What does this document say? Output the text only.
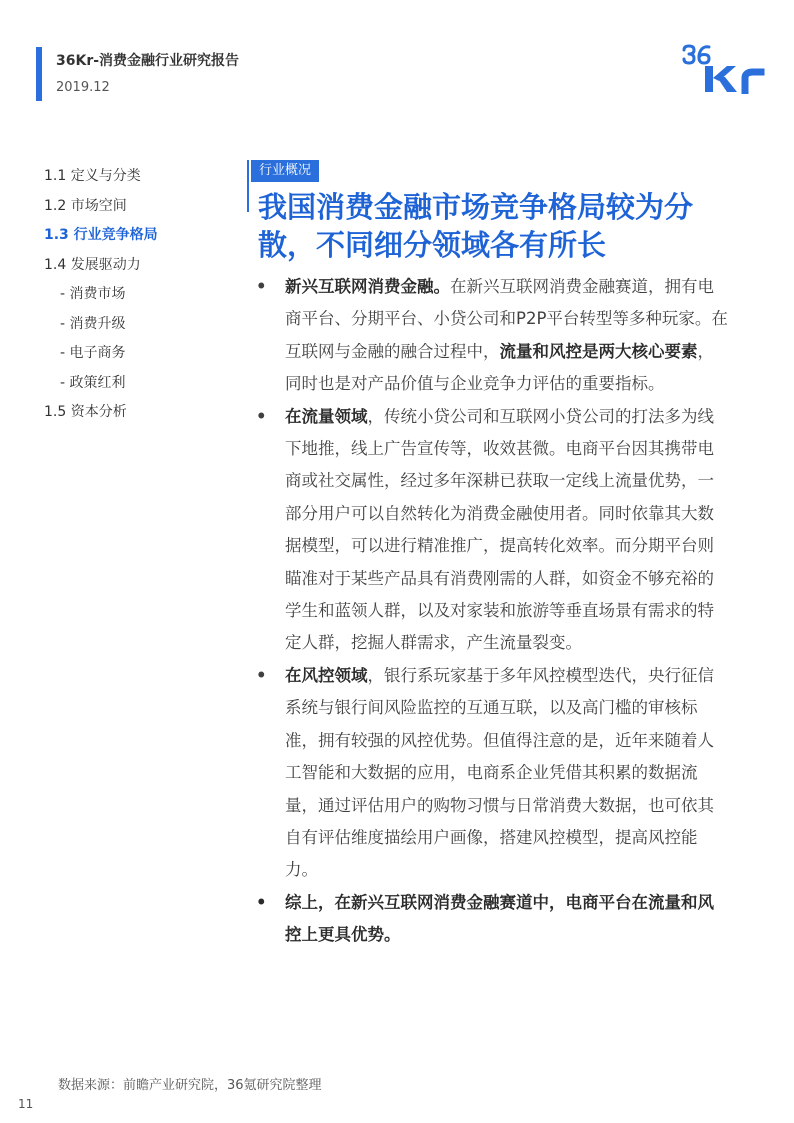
36Kr-消费金融行业研究报告
2019.12
1.1 定义与分类
1.2 市场空间
1.3 行业竞争格局
1.4 发展驱动力
- 消费市场
- 消费升级
- 电子商务
- 政策红利
1.5 资本分析
行业概况
我国消费金融市场竞争格局较为分散，不同细分领域各有所长
• 新兴互联网消费金融。在新兴互联网消费金融赛道，拥有电商平台、分期平台、小贷公司和P2P平台转型等多种玩家。在互联网与金融的融合过程中，流量和风控是两大核心要素，同时也是对产品价值与企业竞争力评估的重要指标。
• 在流量领域，传统小贷公司和互联网小贷公司的打法多为线下地推，线上广告宣传等，收效甚微。电商平台因其携带电商或社交属性，经过多年深耕已获取一定线上流量优势，一部分用户可以自然转化为消费金融使用者。同时依靠其大数据模型，可以进行精准推广，提高转化效率。而分期平台则瞄准对于某些产品具有消费刚需的人群，如资金不够充裕的学生和蓝领人群，以及对家装和旅游等垂直场景有需求的特定人群，挖掘人群需求，产生流量裂变。
• 在风控领域，银行系玩家基于多年风控模型迭代，央行征信系统与银行间风险监控的互通互联，以及高门槛的审核标准，拥有较强的风控优势。但值得注意的是，近年来随着人工智能和大数据的应用，电商系企业凭借其积累的数据流量，通过评估用户的购物习惯与日常消费大数据，也可依其自有评估维度描绘用户画像，搭建风控模型，提高风控能力。
• 综上，在新兴互联网消费金融赛道中，电商平台在流量和风控上更具优势。
数据来源：前瞻产业研究院，36氪研究院整理
11
